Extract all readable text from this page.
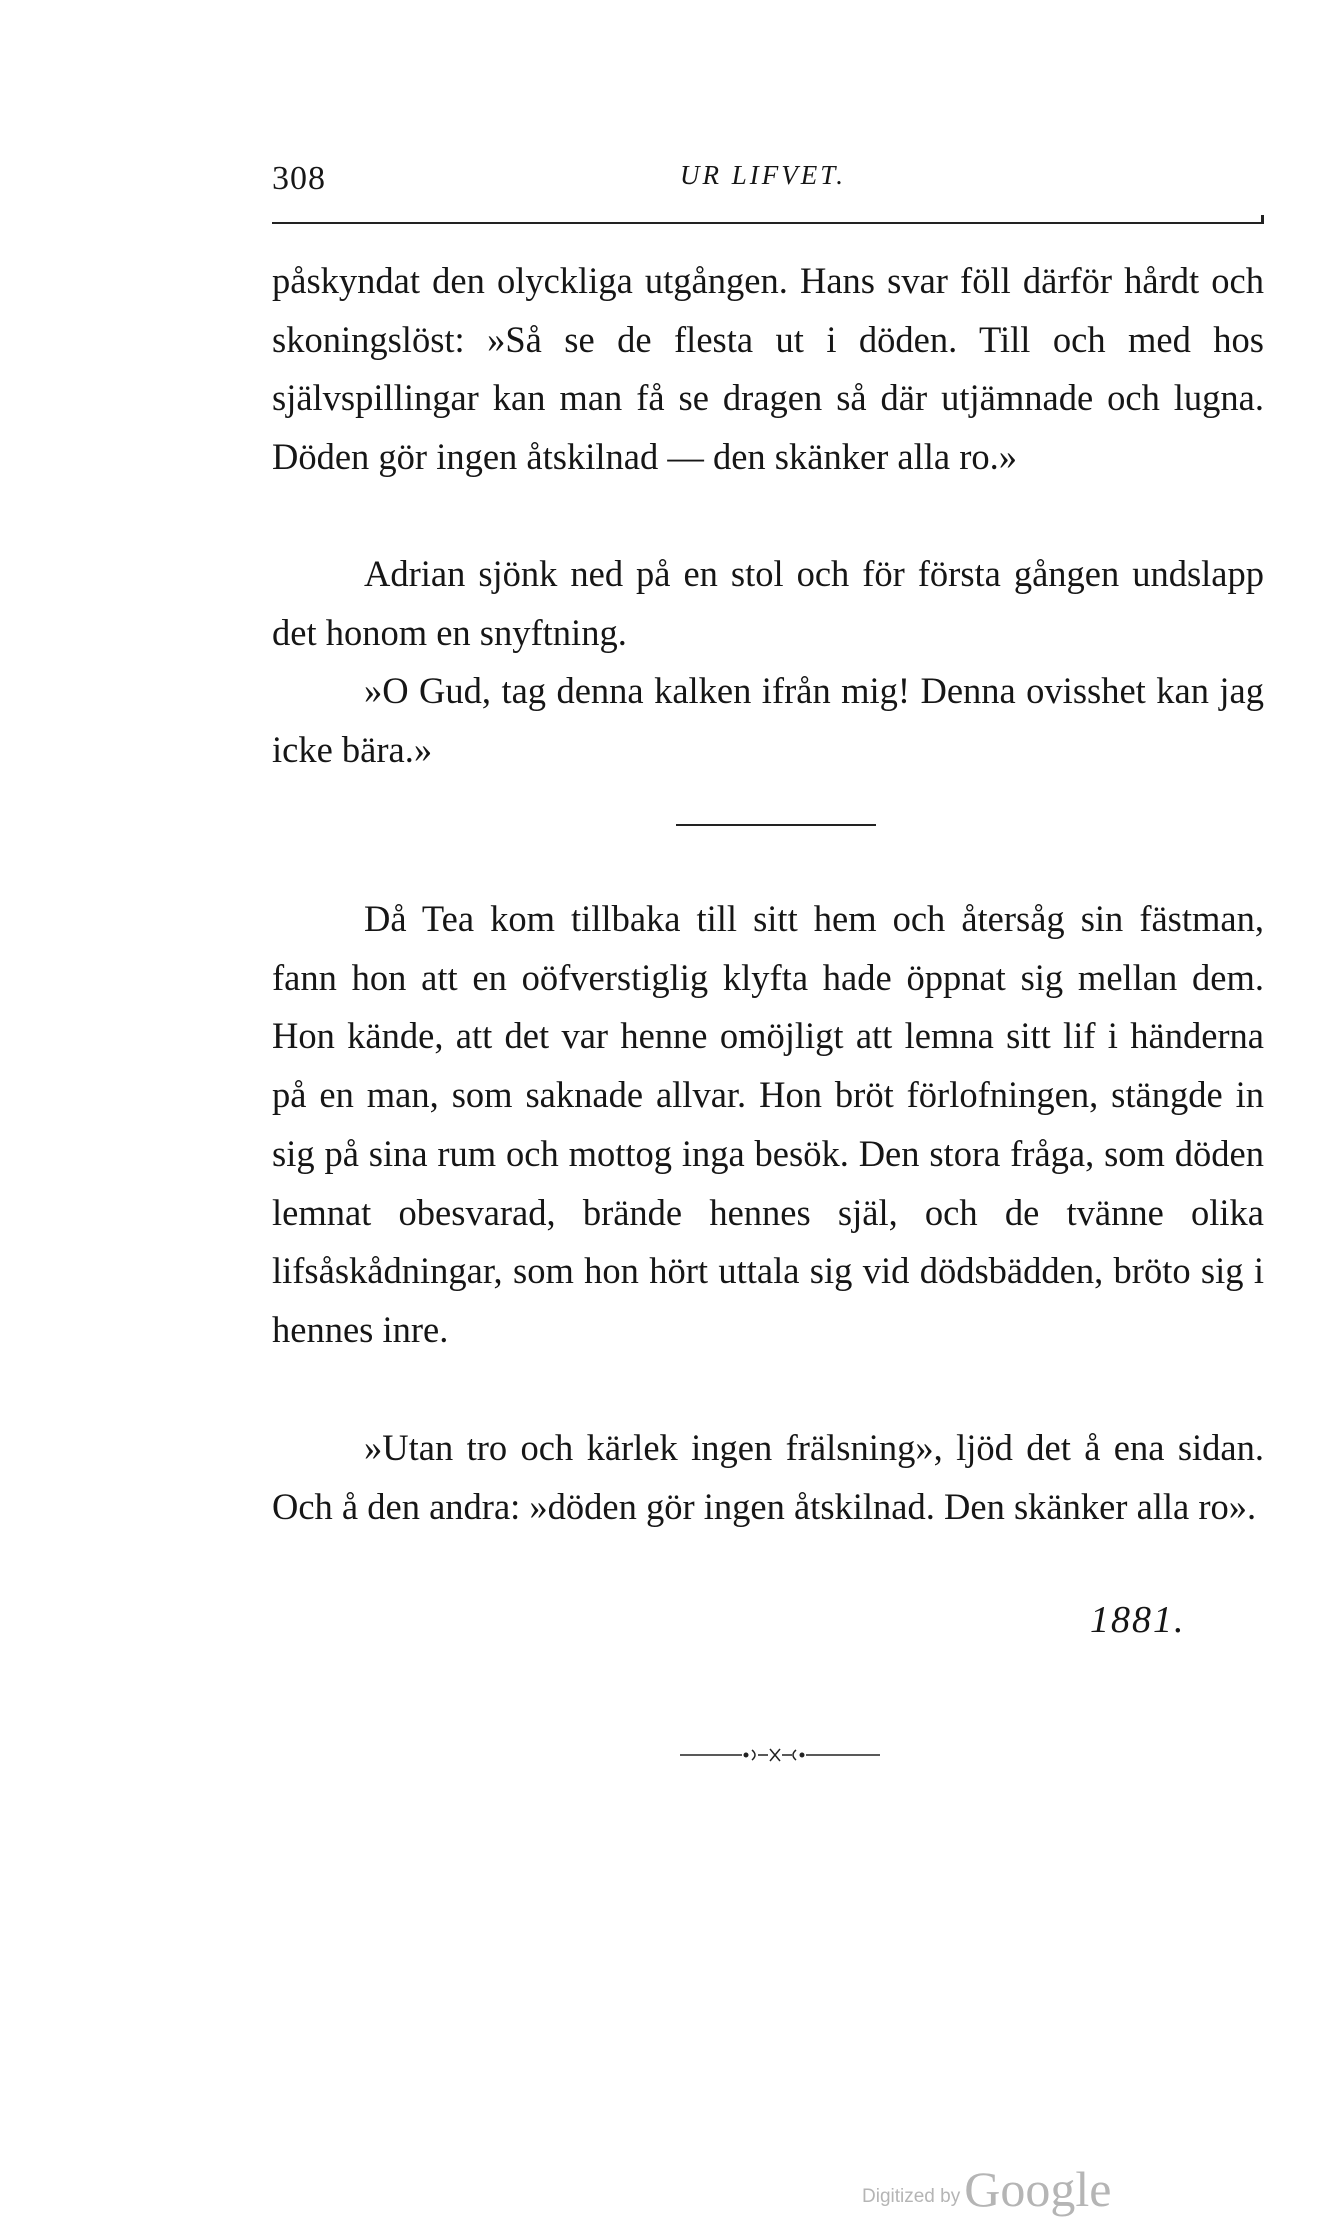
308	UR LIFVET.

påskyndat den olyckliga utgången. Hans svar föll därför hårdt och skoningslöst: »Så se de flesta ut i döden. Till och med hos självspillingar kan man få se dragen så där utjämnade och lugna. Döden gör ingen åtskilnad — den skänker alla ro.»

Adrian sjönk ned på en stol och för första gången undslapp det honom en snyftning.

»O Gud, tag denna kalken ifrån mig! Denna ovisshet kan jag icke bära.»

Då Tea kom tillbaka till sitt hem och återsåg sin fästman, fann hon att en oöfverstiglig klyfta hade öppnat sig mellan dem. Hon kände, att det var henne omöjligt att lemna sitt lif i händerna på en man, som saknade allvar. Hon bröt förlofningen, stängde in sig på sina rum och mottog inga besök. Den stora fråga, som döden lemnat obesvarad, brände hennes själ, och de tvänne olika lifsåskådningar, som hon hört uttala sig vid dödsbädden, bröto sig i hennes inre.

»Utan tro och kärlek ingen frälsning», ljöd det å ena sidan. Och å den andra: »döden gör ingen åtskilnad. Den skänker alla ro».

1881.
Digitized by Google
